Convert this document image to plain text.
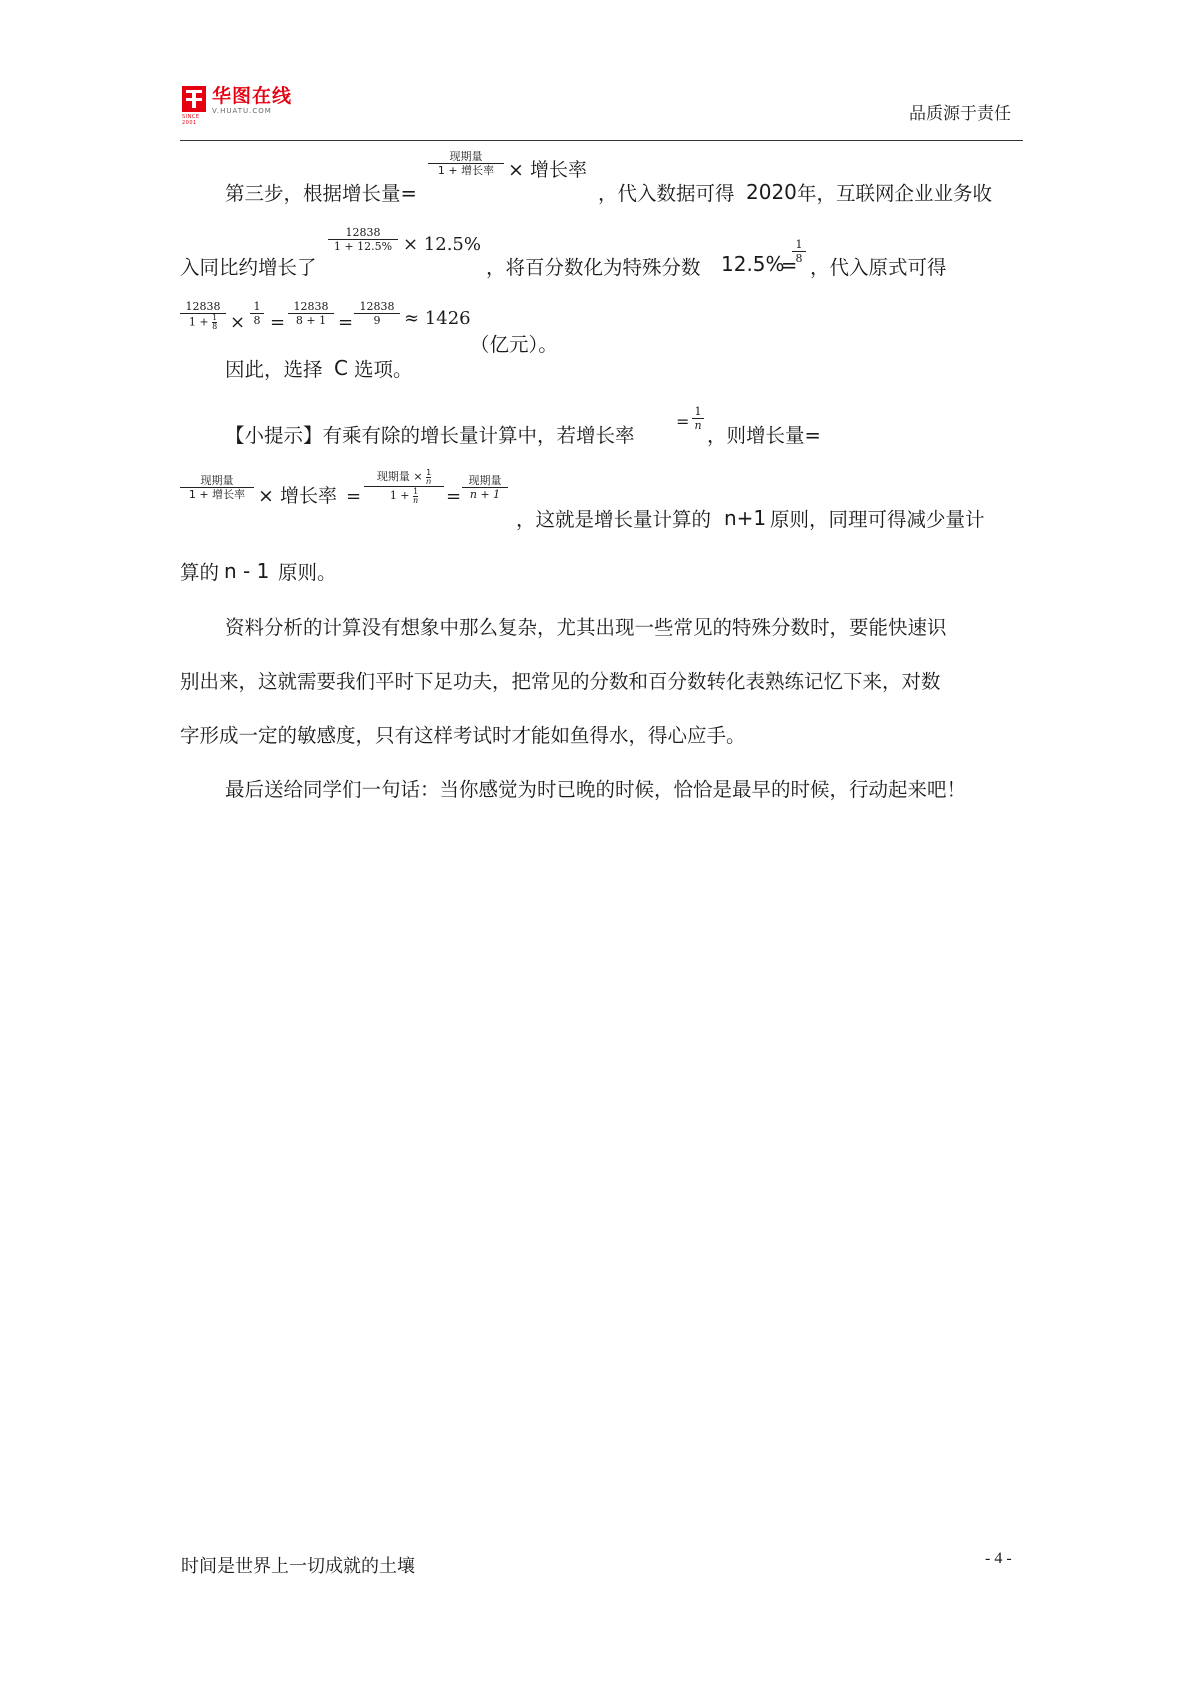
SINCE 2001
华图在线
V.HUATU.COM	品质源于责任
第三步，根据增长量=
现期量
1 + 增长率 × 增长率
，代入数据可得 2020 年，互联网企业业务收
入同比约增长了
$\frac{12838}{1 + 12.5\%} \times 12.5\%$
，将百分数化为特殊分数 12.5%
=
$\frac{1}{8}$
，代入原式可得
$\frac{12838}{1 + \frac{1}{8}} \times \frac{1}{8} = \frac{12838}{8 + 1} = \frac{12838}{9} \approx 1426$
（亿元）。
因此，选择 C 选项。
【小提示】有乘有除的增长量计算中，若增长率
= $\frac{1}{n}$
，则增长量=
现期量
1 + 增长率 × 增长率 =
现期量 × $\frac{1}{n}$
$1 + \frac{1}{n}$ =
现期量
n + 1
，这就是增长量计算的 n+1 原则，同理可得减少量计
算的 n - 1 原则。
资料分析的计算没有想象中那么复杂，尤其出现一些常见的特殊分数时，要能快速识
别出来，这就需要我们平时下足功夫，把常见的分数和百分数转化表熟练记忆下来，对数
字形成一定的敏感度，只有这样考试时才能如鱼得水，得心应手。
最后送给同学们一句话：当你感觉为时已晚的时候，恰恰是最早的时候，行动起来吧！
时间是世界上一切成就的土壤	- 4 -
